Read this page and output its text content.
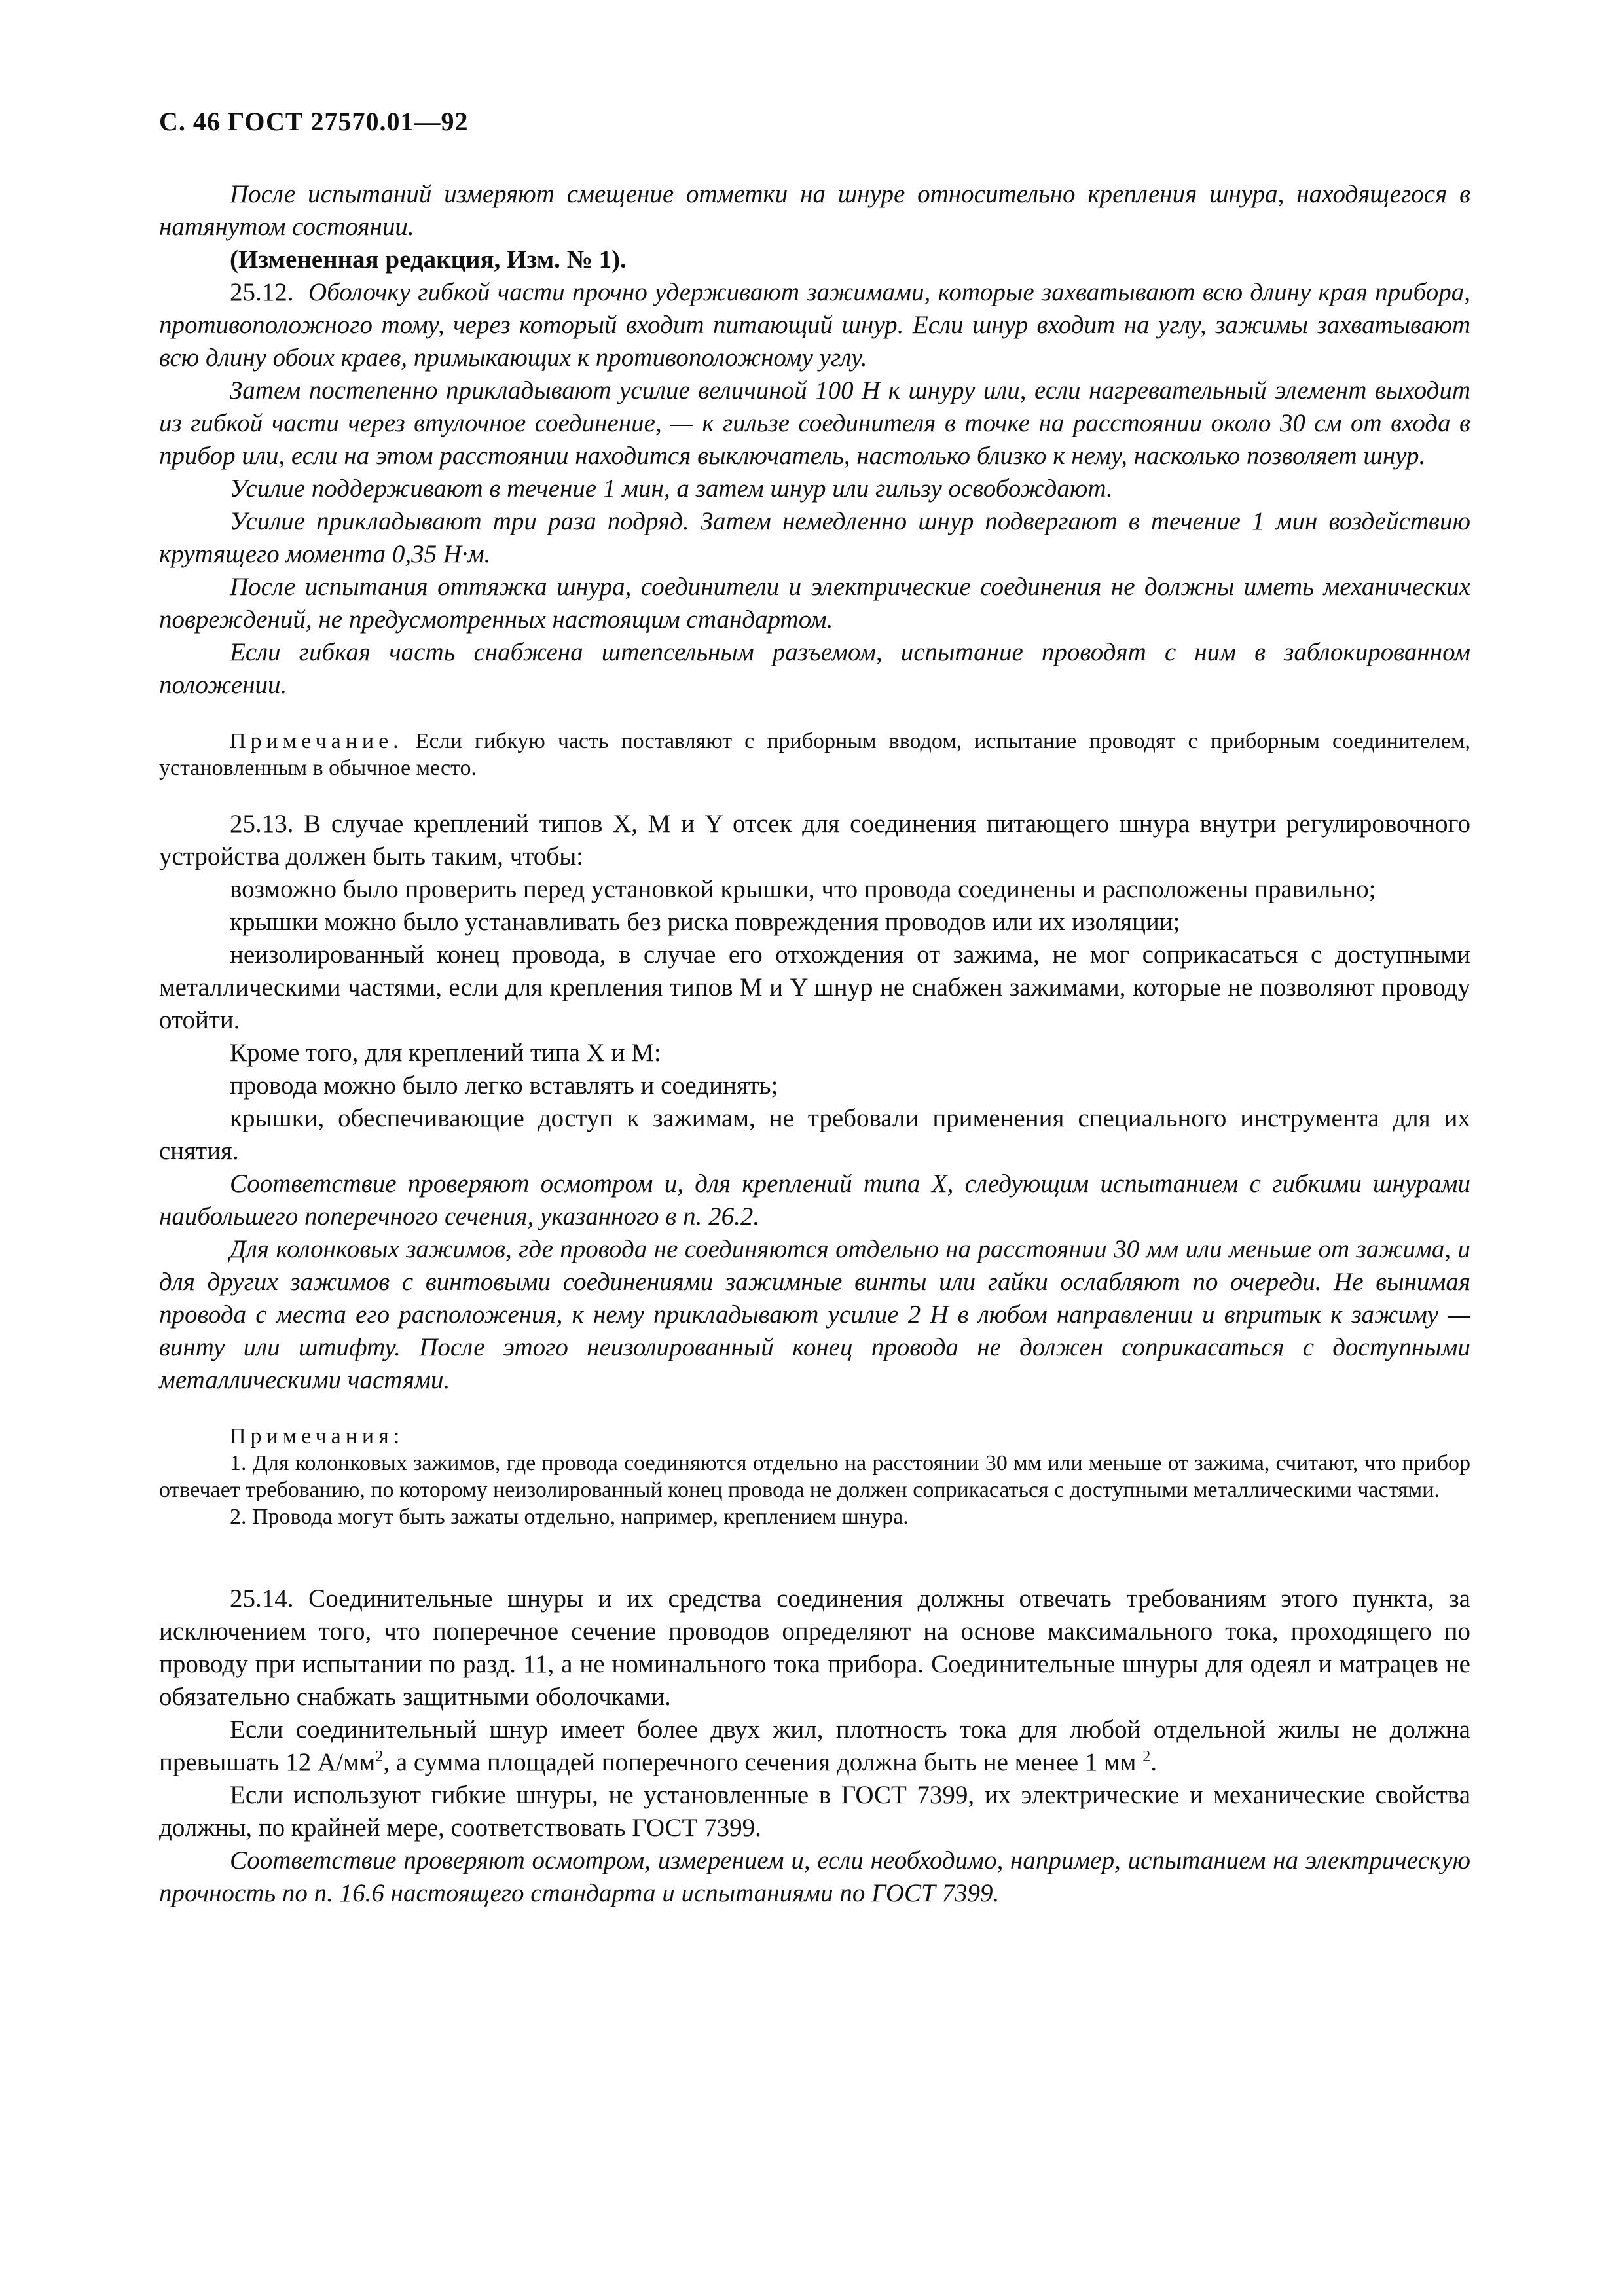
С. 46 ГОСТ 27570.01—92

После испытаний измеряют смещение отметки на шнуре относительно крепления шнура, находящегося в натянутом состоянии.

(Измененная редакция, Изм. № 1).

25.12. Оболочку гибкой части прочно удерживают зажимами, которые захватывают всю длину края прибора, противоположного тому, через который входит питающий шнур. Если шнур входит на углу, зажимы захватывают всю длину обоих краев, примыкающих к противоположному углу.

Затем постепенно прикладывают усилие величиной 100 Н к шнуру или, если нагревательный элемент выходит из гибкой части через втулочное соединение, — к гильзе соединителя в точке на расстоянии около 30 см от входа в прибор или, если на этом расстоянии находится выключатель, настолько близко к нему, насколько позволяет шнур.

Усилие поддерживают в течение 1 мин, а затем шнур или гильзу освобождают.

Усилие прикладывают три раза подряд. Затем немедленно шнур подвергают в течение 1 мин воздействию крутящего момента 0,35 Н·м.

После испытания оттяжка шнура, соединители и электрические соединения не должны иметь механических повреждений, не предусмотренных настоящим стандартом.

Если гибкая часть снабжена штепсельным разъемом, испытание проводят с ним в заблокированном положении.

Примечание. Если гибкую часть поставляют с приборным вводом, испытание проводят с приборным соединителем, установленным в обычное место.

25.13. В случае креплений типов X, M и Y отсек для соединения питающего шнура внутри регулировочного устройства должен быть таким, чтобы:

возможно было проверить перед установкой крышки, что провода соединены и расположены правильно;

крышки можно было устанавливать без риска повреждения проводов или их изоляции;

неизолированный конец провода, в случае его отхождения от зажима, не мог соприкасаться с доступными металлическими частями, если для крепления типов M и Y шнур не снабжен зажимами, которые не позволяют проводу отойти.

Кроме того, для креплений типа X и M:

провода можно было легко вставлять и соединять;

крышки, обеспечивающие доступ к зажимам, не требовали применения специального инструмента для их снятия.

Соответствие проверяют осмотром и, для креплений типа X, следующим испытанием с гибкими шнурами наибольшего поперечного сечения, указанного в п. 26.2.

Для колонковых зажимов, где провода не соединяются отдельно на расстоянии 30 мм или меньше от зажима, и для других зажимов с винтовыми соединениями зажимные винты или гайки ослабляют по очереди. Не вынимая провода с места его расположения, к нему прикладывают усилие 2 Н в любом направлении и впритык к зажиму — винту или штифту. После этого неизолированный конец провода не должен соприкасаться с доступными металлическими частями.

Примечания:

1. Для колонковых зажимов, где провода соединяются отдельно на расстоянии 30 мм или меньше от зажима, считают, что прибор отвечает требованию, по которому неизолированный конец провода не должен соприкасаться с доступными металлическими частями.

2. Провода могут быть зажаты отдельно, например, креплением шнура.

25.14. Соединительные шнуры и их средства соединения должны отвечать требованиям этого пункта, за исключением того, что поперечное сечение проводов определяют на основе максимального тока, проходящего по проводу при испытании по разд. 11, а не номинального тока прибора. Соединительные шнуры для одеял и матрацев не обязательно снабжать защитными оболочками.

Если соединительный шнур имеет более двух жил, плотность тока для любой отдельной жилы не должна превышать 12 $А/мм^2$, а сумма площадей поперечного сечения должна быть не менее 1 мм $^2$.

Если используют гибкие шнуры, не установленные в ГОСТ 7399, их электрические и механические свойства должны, по крайней мере, соответствовать ГОСТ 7399.

Соответствие проверяют осмотром, измерением и, если необходимо, например, испытанием на электрическую прочность по п. 16.6 настоящего стандарта и испытаниями по ГОСТ 7399.
